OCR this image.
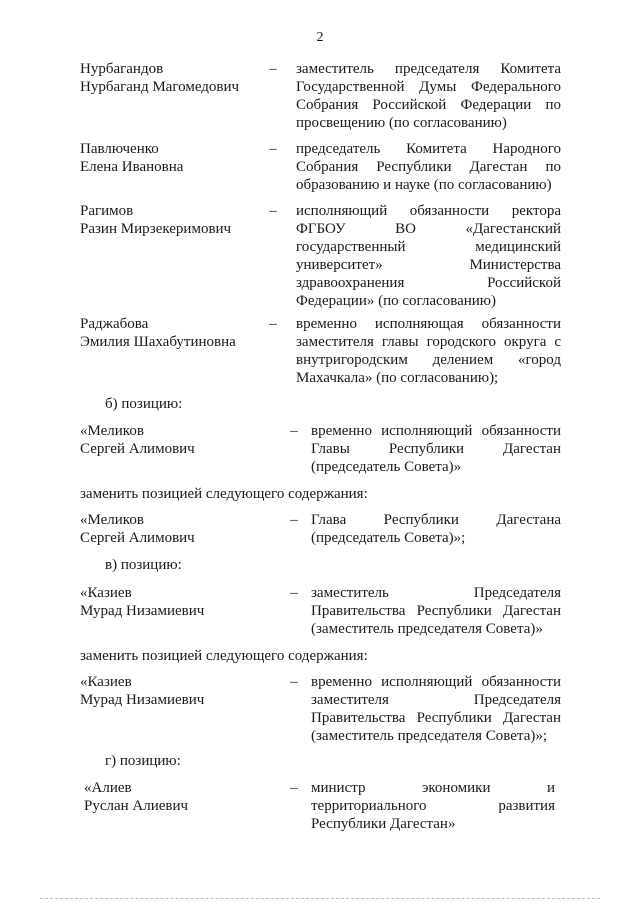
2
Нурбагандов
Нурбаганд Магомедович
– заместитель председателя Комитета
Государственной Думы Федерального
Собрания Российской Федерации по
просвещению (по согласованию)
Павлюченко
Елена Ивановна
– председатель Комитета Народного
Собрания Республики Дагестан по
образованию и науке (по согласованию)
Рагимов
Разин Мирзекеримович
– исполняющий обязанности ректора
ФГБОУ ВО «Дагестанский
государственный медицинский
университет» Министерства
здравоохранения Российской
Федерации» (по согласованию)
Раджабова
Эмилия Шахабутиновна
– временно исполняющая обязанности
заместителя главы городского округа с
внутригородским делением «город
Махачкала» (по согласованию);
б) позицию:
«Меликов
Сергей Алимович
– временно исполняющий обязанности
Главы Республики Дагестан
(председатель Совета)»
заменить позицией следующего содержания:
«Меликов
Сергей Алимович
– Глава Республики Дагестана
(председатель Совета)»;
в) позицию:
«Казиев
Мурад Низамиевич
– заместитель Председателя
Правительства Республики Дагестан
(заместитель председателя Совета)»
заменить позицией следующего содержания:
«Казиев
Мурад Низамиевич
– временно исполняющий обязанности
заместителя Председателя
Правительства Республики Дагестан
(заместитель председателя Совета)»;
г) позицию:
«Алиев
Руслан Алиевич
– министр экономики и
территориального развития
Республики Дагестан»
